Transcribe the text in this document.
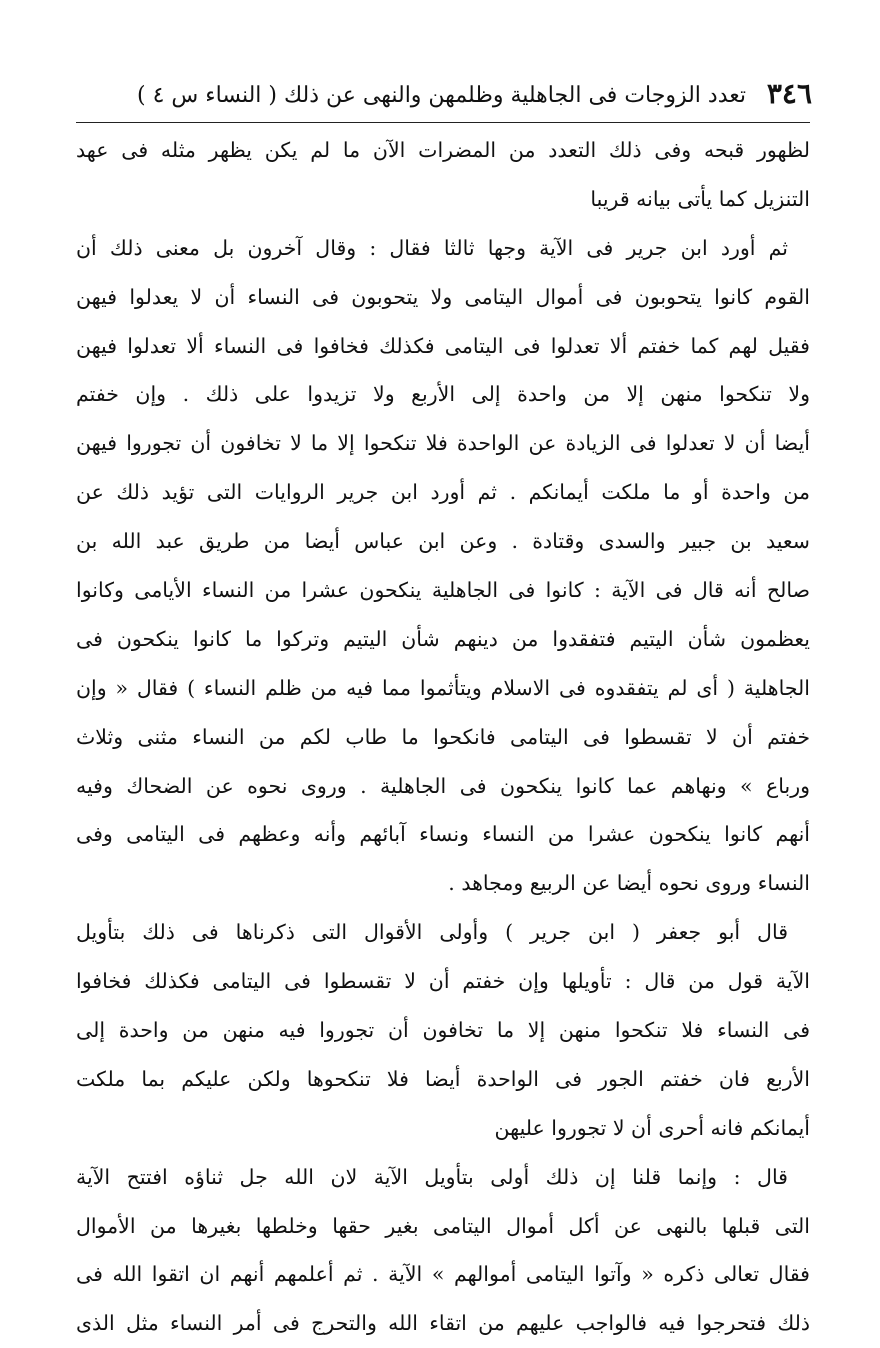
٣٤٦
تعدد الزوجات فى الجاهلية وظلمهن والنهى عن ذلك ( النساء س ٤ )
لظهور قبحه وفى ذلك التعدد من المضرات الآن ما لم يكن يظهر مثله فى عهد
التنزيل كما يأتى بيانه قريبا
ثم أورد ابن جرير فى الآية وجها ثالثا فقال : وقال آخرون بل معنى ذلك أن
القوم كانوا يتحوبون فى أموال اليتامى ولا يتحوبون فى النساء أن لا يعدلوا فيهن
فقيل لهم كما خفتم ألا تعدلوا فى اليتامى فكذلك فخافوا فى النساء ألا تعدلوا فيهن
ولا تنكحوا منهن إلا من واحدة إلى الأربع ولا تزيدوا على ذلك . وإن خفتم
أيضا أن لا تعدلوا فى الزيادة عن الواحدة فلا تنكحوا إلا ما لا تخافون أن تجوروا فيهن
من واحدة أو ما ملكت أيمانكم . ثم أورد ابن جرير الروايات التى تؤيد ذلك عن
سعيد بن جبير والسدى وقتادة . وعن ابن عباس أيضا من طريق عبد الله بن
صالح أنه قال فى الآية : كانوا فى الجاهلية ينكحون عشرا من النساء الأيامى وكانوا
يعظمون شأن اليتيم فتفقدوا من دينهم شأن اليتيم وتركوا ما كانوا ينكحون فى
الجاهلية ( أى لم يتفقدوه فى الاسلام ويتأثموا مما فيه من ظلم النساء ) فقال « وإن
خفتم أن لا تقسطوا فى اليتامى فانكحوا ما طاب لكم من النساء مثنى وثلاث
ورباع » ونهاهم عما كانوا ينكحون فى الجاهلية . وروى نحوه عن الضحاك وفيه
أنهم كانوا ينكحون عشرا من النساء ونساء آبائهم وأنه وعظهم فى اليتامى وفى
النساء وروى نحوه أيضا عن الربيع ومجاهد .
قال أبو جعفر ( ابن جرير ) وأولى الأقوال التى ذكرناها فى ذلك بتأويل
الآية قول من قال : تأويلها وإن خفتم أن لا تقسطوا فى اليتامى فكذلك فخافوا
فى النساء فلا تنكحوا منهن إلا ما تخافون أن تجوروا فيه منهن من واحدة إلى
الأربع فان خفتم الجور فى الواحدة أيضا فلا تنكحوها ولكن عليكم بما ملكت
أيمانكم فانه أحرى أن لا تجوروا عليهن
قال : وإنما قلنا إن ذلك أولى بتأويل الآية لان الله جل ثناؤه افتتح الآية
التى قبلها بالنهى عن أكل أموال اليتامى بغير حقها وخلطها بغيرها من الأموال
فقال تعالى ذكره « وآتوا اليتامى أموالهم » الآية . ثم أعلمهم أنهم ان اتقوا الله فى
ذلك فتحرجوا فيه فالواجب عليهم من اتقاء الله والتحرج فى أمر النساء مثل الذى
